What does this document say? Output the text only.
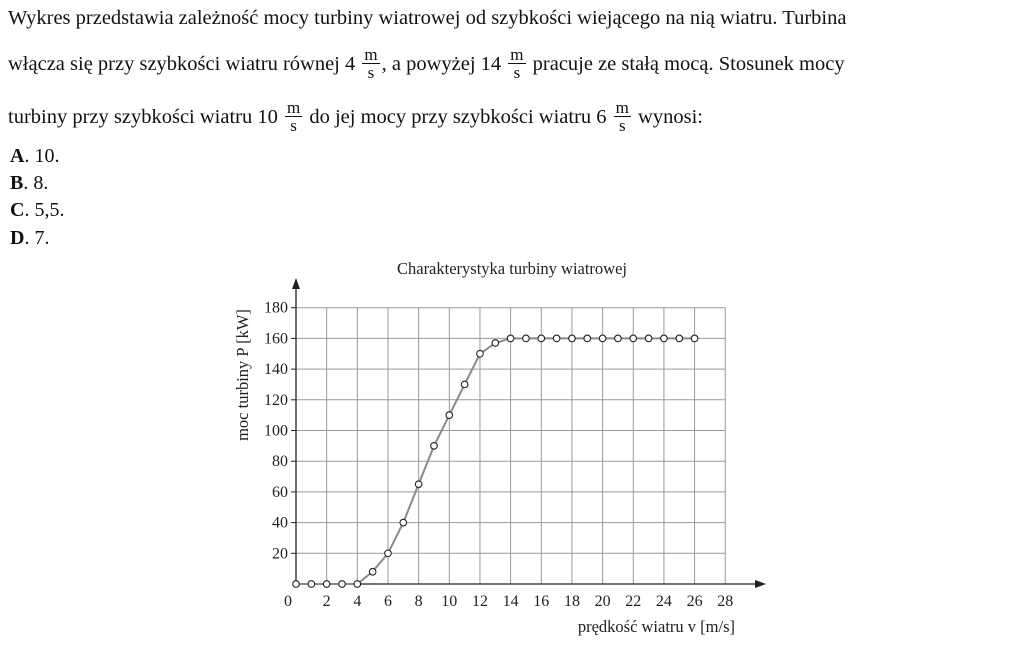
Wykres przedstawia zależność mocy turbiny wiatrowej od szybkości wiejącego na nią wiatru. Turbina
włącza się przy szybkości wiatru równej $4 \frac{m}{s}$ , a powyżej $14 \frac{m}{s}$ pracuje ze stałą mocą. Stosunek mocy
turbiny przy szybkości wiatru $10 \frac{m}{s}$ do jej mocy przy szybkości wiatru $6 \frac{m}{s}$ wynosi:
A. 10.
B. 8.
C. 5,5.
D. 7.
0 2 4 6 8 10 12 14 16 18 20 22 24 26 28
20
40
60
80
100
120
140
160
180
Charakterystyka turbiny wiatrowej
prędkość wiatru v [m/s]
moc turbiny P [kW]
